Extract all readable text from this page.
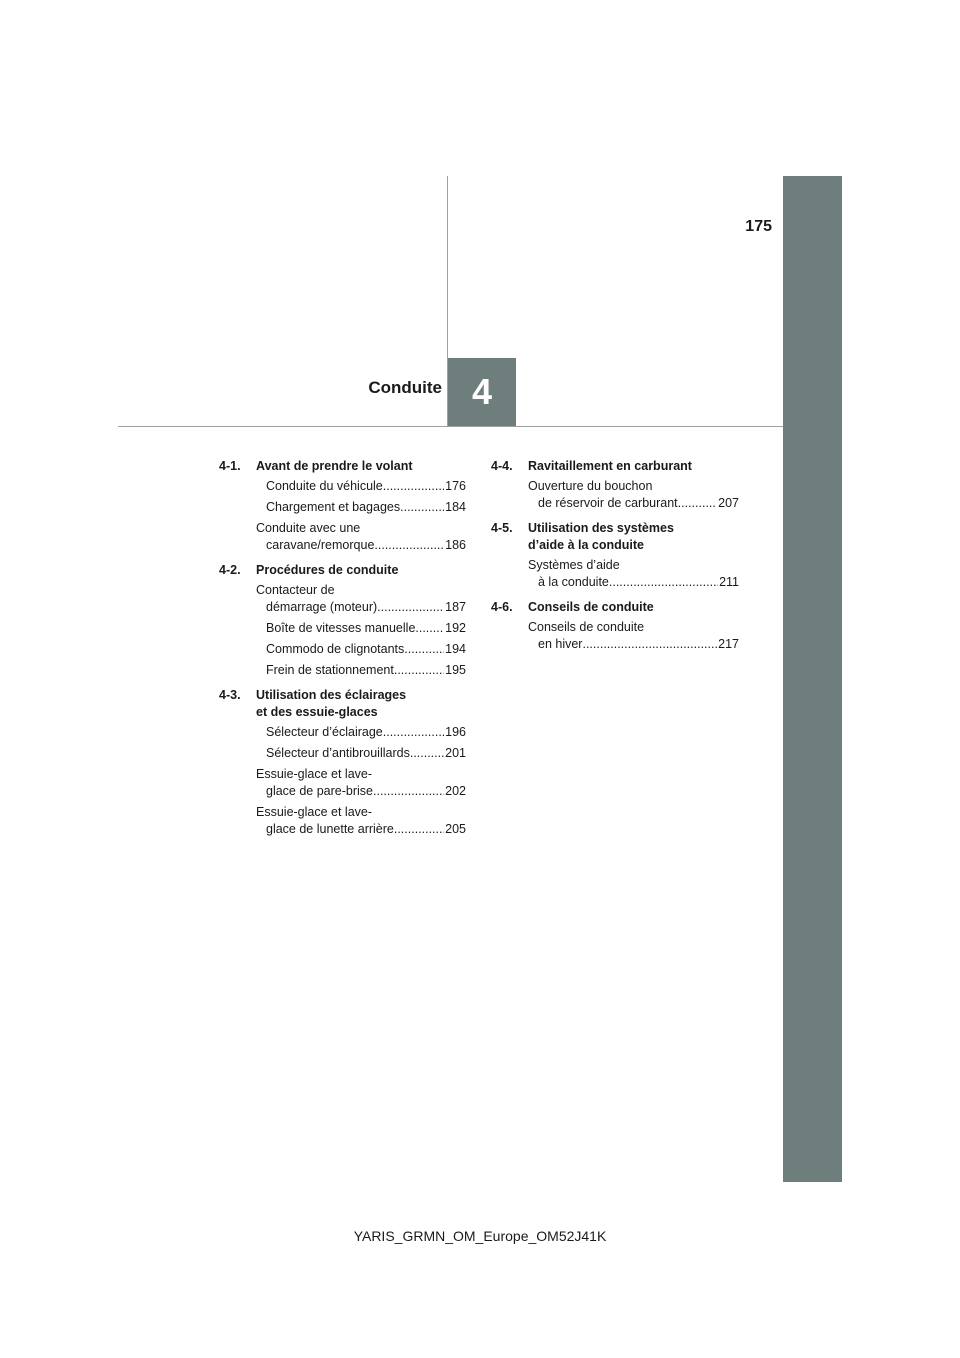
175
Conduite 4
4-1.	Avant de prendre le volant
Conduite du véhicule .....	176
Chargement et bagages .....	184
Conduite avec une
caravane/remorque .....	186
4-2.	Procédures de conduite
Contacteur de
démarrage (moteur) .....	187
Boîte de vitesses manuelle ..... 192
Commodo de clignotants .....	194
Frein de stationnement .....	195
4-3.	Utilisation des éclairages
et des essuie-glaces
Sélecteur d’éclairage .....	196
Sélecteur d’antibrouillards .....	201
Essuie-glace et lave-
glace de pare-brise .....	202
Essuie-glace et lave-
glace de lunette arrière .....	205
4-4.	Ravitaillement en carburant
Ouverture du bouchon
de réservoir de carburant .....	207
4-5.	Utilisation des systèmes
d’aide à la conduite
Systèmes d’aide
à la conduite .....	211
4-6.	Conseils de conduite
Conseils de conduite
en hiver .....	217
YARIS_GRMN_OM_Europe_OM52J41K
